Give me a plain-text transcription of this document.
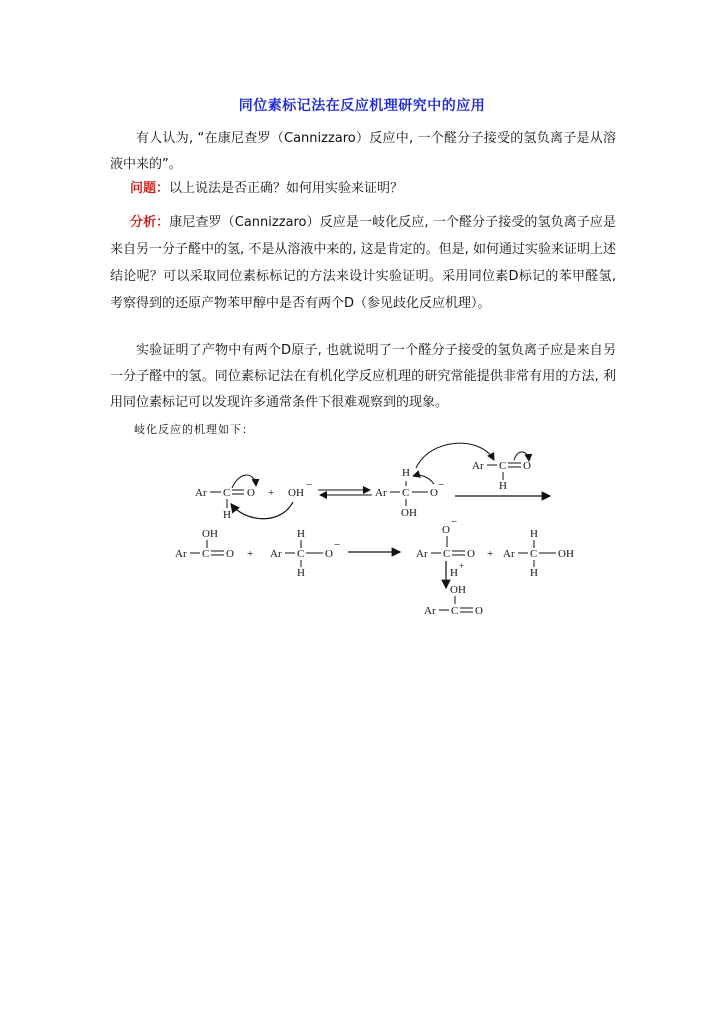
同位素标记法在反应机理研究中的应用

有人认为, “在康尼查罗（Cannizzaro）反应中, 一个醛分子接受的氢负离子是从溶液中来的”。

问题：以上说法是否正确？如何用实验来证明？

分析：康尼查罗（Cannizzaro）反应是一岐化反应, 一个醛分子接受的氢负离子应是来自另一分子醛中的氢, 不是从溶液中来的, 这是肯定的。但是, 如何通过实验来证明上述结论呢？可以采取同位素标标记的方法来设计实验证明。采用同位素D标记的苯甲醛氢, 考察得到的还原产物苯甲醇中是否有两个D（参见歧化反应机理）。

实验证明了产物中有两个D原子, 也就说明了一个醛分子接受的氢负离子应是来自另一分子醛中的氢。同位素标记法在有机化学反应机理的研究常能提供非常有用的方法, 利用同位素标记可以发现许多通常条件下很难观察到的现象。

岐化反应的机理如下：
Ar C O
H
+ OH
−
Ar C O
−
H
OH
Ar C O
H
OH
Ar C O +
H
Ar C O
−
H
O
−
Ar C O +
H
Ar C OH
H
H
+
OH
Ar C O
